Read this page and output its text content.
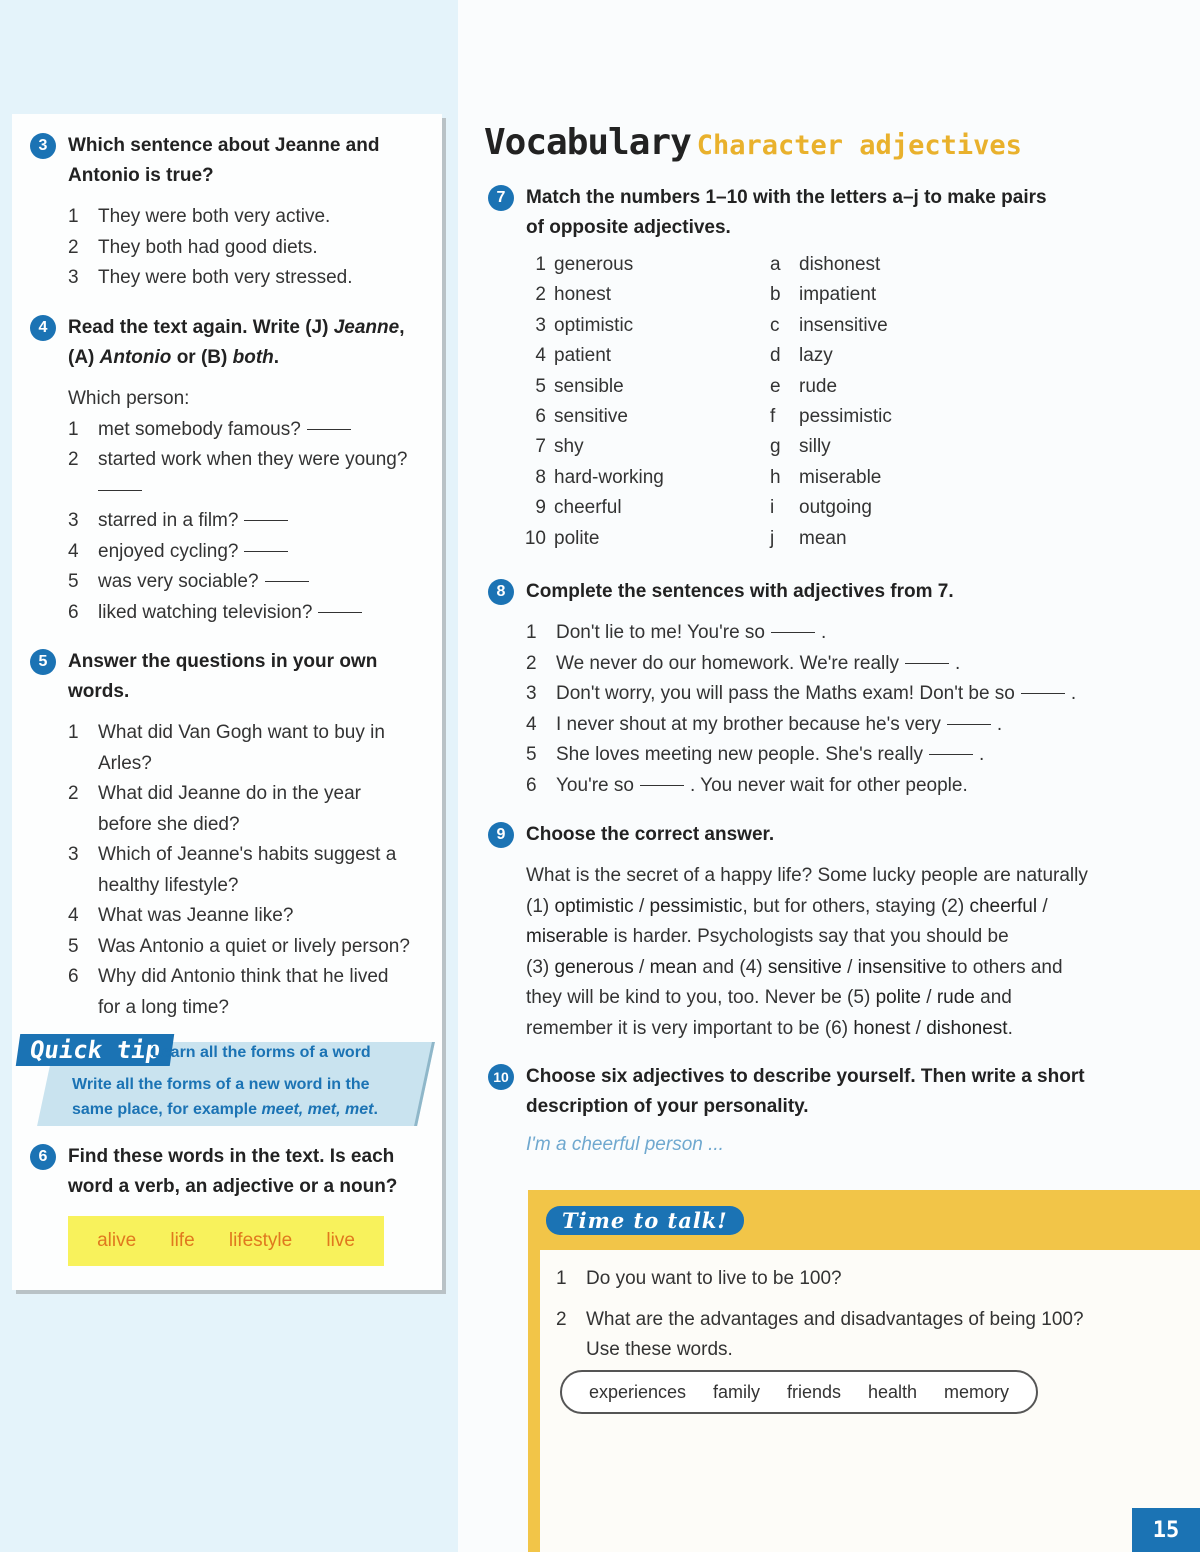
3	Which sentence about Jeanne and
Antonio is true?
1	They were both very active.
2	They both had good diets.
3	They were both very stressed.
4	Read the text again. Write (J) Jeanne,
(A) Antonio or (B) both.
Which person:
1	met somebody famous?
2	started work when they were young?

3	starred in a film?
4	enjoyed cycling?
5	was very sociable?
6	liked watching television?
5	Answer the questions in your own
words.
1	What did Van Gogh want to buy in
Arles?
2	What did Jeanne do in the year
before she died?
3	Which of Jeanne's habits suggest a
healthy lifestyle?
4	What was Jeanne like?
5	Was Antonio a quiet or lively person?
6	Why did Antonio think that he lived
for a long time?
Quick tip
Learn all the forms of a word
Write all the forms of a new word in the
same place, for example meet, met, met.
6	Find these words in the text. Is each
word a verb, an adjective or a noun?
alive life lifestyle live
Vocabulary Character adjectives
7	Match the numbers 1–10 with the letters a–j to make pairs
of opposite adjectives.
1 generous	a dishonest
2 honest	b impatient
3 optimistic	c insensitive
4 patient	d lazy
5 sensible	e rude
6 sensitive	f pessimistic
7 shy	g silly
8 hard-working	h miserable
9 cheerful	i outgoing
10 polite	j mean
8	Complete the sentences with adjectives from 7.
1	Don't lie to me! You're so	.
2	We never do our homework. We're really	.
3	Don't worry, you will pass the Maths exam! Don't be so	.
4	I never shout at my brother because he's very	.
5	She loves meeting new people. She's really	.
6	You're so	. You never wait for other people.
9	Choose the correct answer.
What is the secret of a happy life? Some lucky people are naturally
(1) optimistic / pessimistic, but for others, staying (2) cheerful /
miserable is harder. Psychologists say that you should be
(3) generous / mean and (4) sensitive / insensitive to others and
they will be kind to you, too. Never be (5) polite / rude and
remember it is very important to be (6) honest / dishonest.
10 Choose six adjectives to describe yourself. Then write a short
description of your personality.
I'm a cheerful person ...
Time to talk!
1	Do you want to live to be 100?
2	What are the advantages and disadvantages of being 100?
Use these words.
experiences family friends health memory
15
